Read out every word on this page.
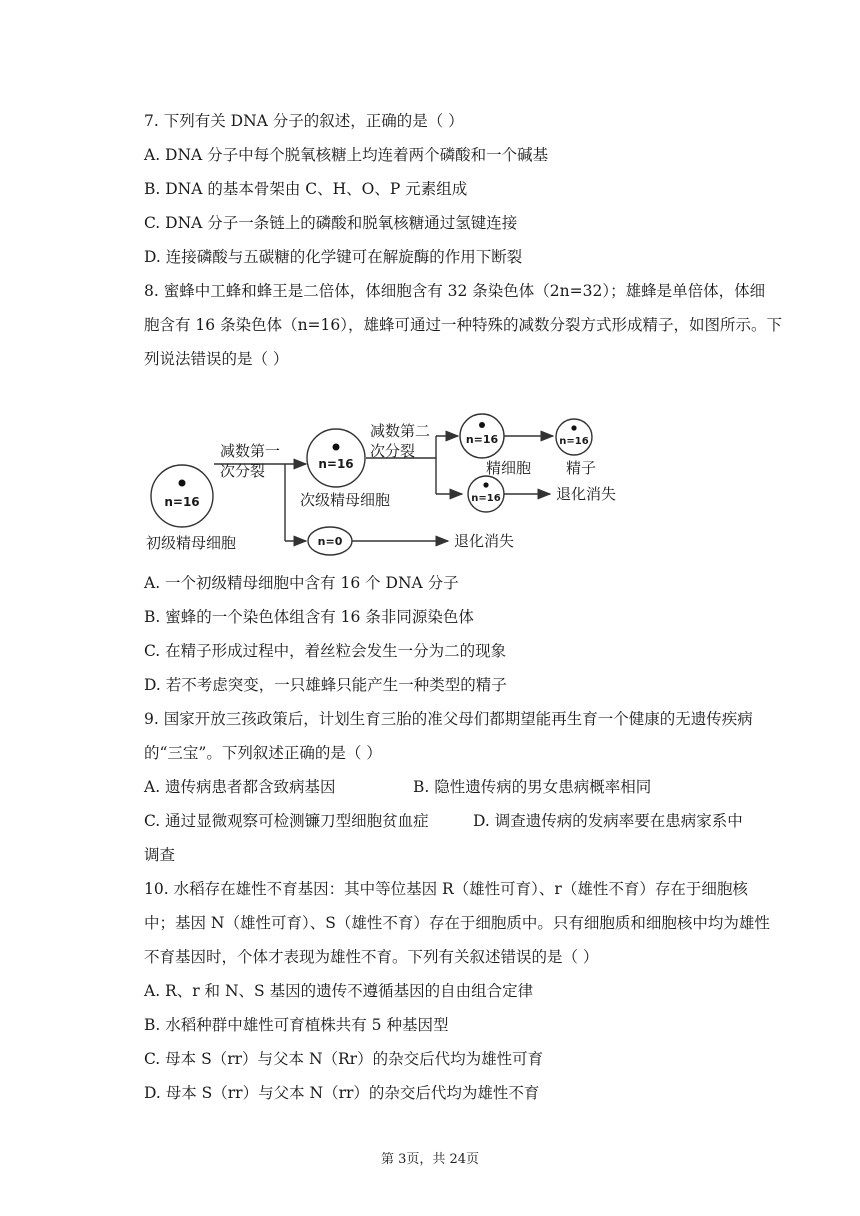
7. 下列有关 DNA 分子的叙述，正确的是（ ）
A. DNA 分子中每个脱氧核糖上均连着两个磷酸和一个碱基
B. DNA 的基本骨架由 C、H、O、P 元素组成
C. DNA 分子一条链上的磷酸和脱氧核糖通过氢键连接
D. 连接磷酸与五碳糖的化学键可在解旋酶的作用下断裂
8. 蜜蜂中工蜂和蜂王是二倍体，体细胞含有 32 条染色体（2n=32）；雄蜂是单倍体，体细
胞含有 16 条染色体（n=16），雄蜂可通过一种特殊的减数分裂方式形成精子，如图所示。下
列说法错误的是（ ）
n=16
n=16
n=0
n=16	n=16
n=16
减数第一
次分裂
减数第二
次分裂
初级精母细胞
次级精母细胞
精细胞 精子
退化消失
退化消失
A. 一个初级精母细胞中含有 16 个 DNA 分子
B. 蜜蜂的一个染色体组含有 16 条非同源染色体
C. 在精子形成过程中，着丝粒会发生一分为二的现象
D. 若不考虑突变，一只雄蜂只能产生一种类型的精子
9. 国家开放三孩政策后，计划生育三胎的准父母们都期望能再生育一个健康的无遗传疾病
的“三宝”。下列叙述正确的是（ ）
A. 遗传病患者都含致病基因	B. 隐性遗传病的男女患病概率相同
C. 通过显微观察可检测镰刀型细胞贫血症	D. 调查遗传病的发病率要在患病家系中
调查
10. 水稻存在雄性不育基因：其中等位基因 R（雄性可育）、r（雄性不育）存在于细胞核
中；基因 N（雄性可育）、S（雄性不育）存在于细胞质中。只有细胞质和细胞核中均为雄性
不育基因时，个体才表现为雄性不育。下列有关叙述错误的是（ ）
A. R、r 和 N、S 基因的遗传不遵循基因的自由组合定律
B. 水稻种群中雄性可育植株共有 5 种基因型
C. 母本 S（rr）与父本 N（Rr）的杂交后代均为雄性可育
D. 母本 S（rr）与父本 N（rr）的杂交后代均为雄性不育
第 3页，共 24页
